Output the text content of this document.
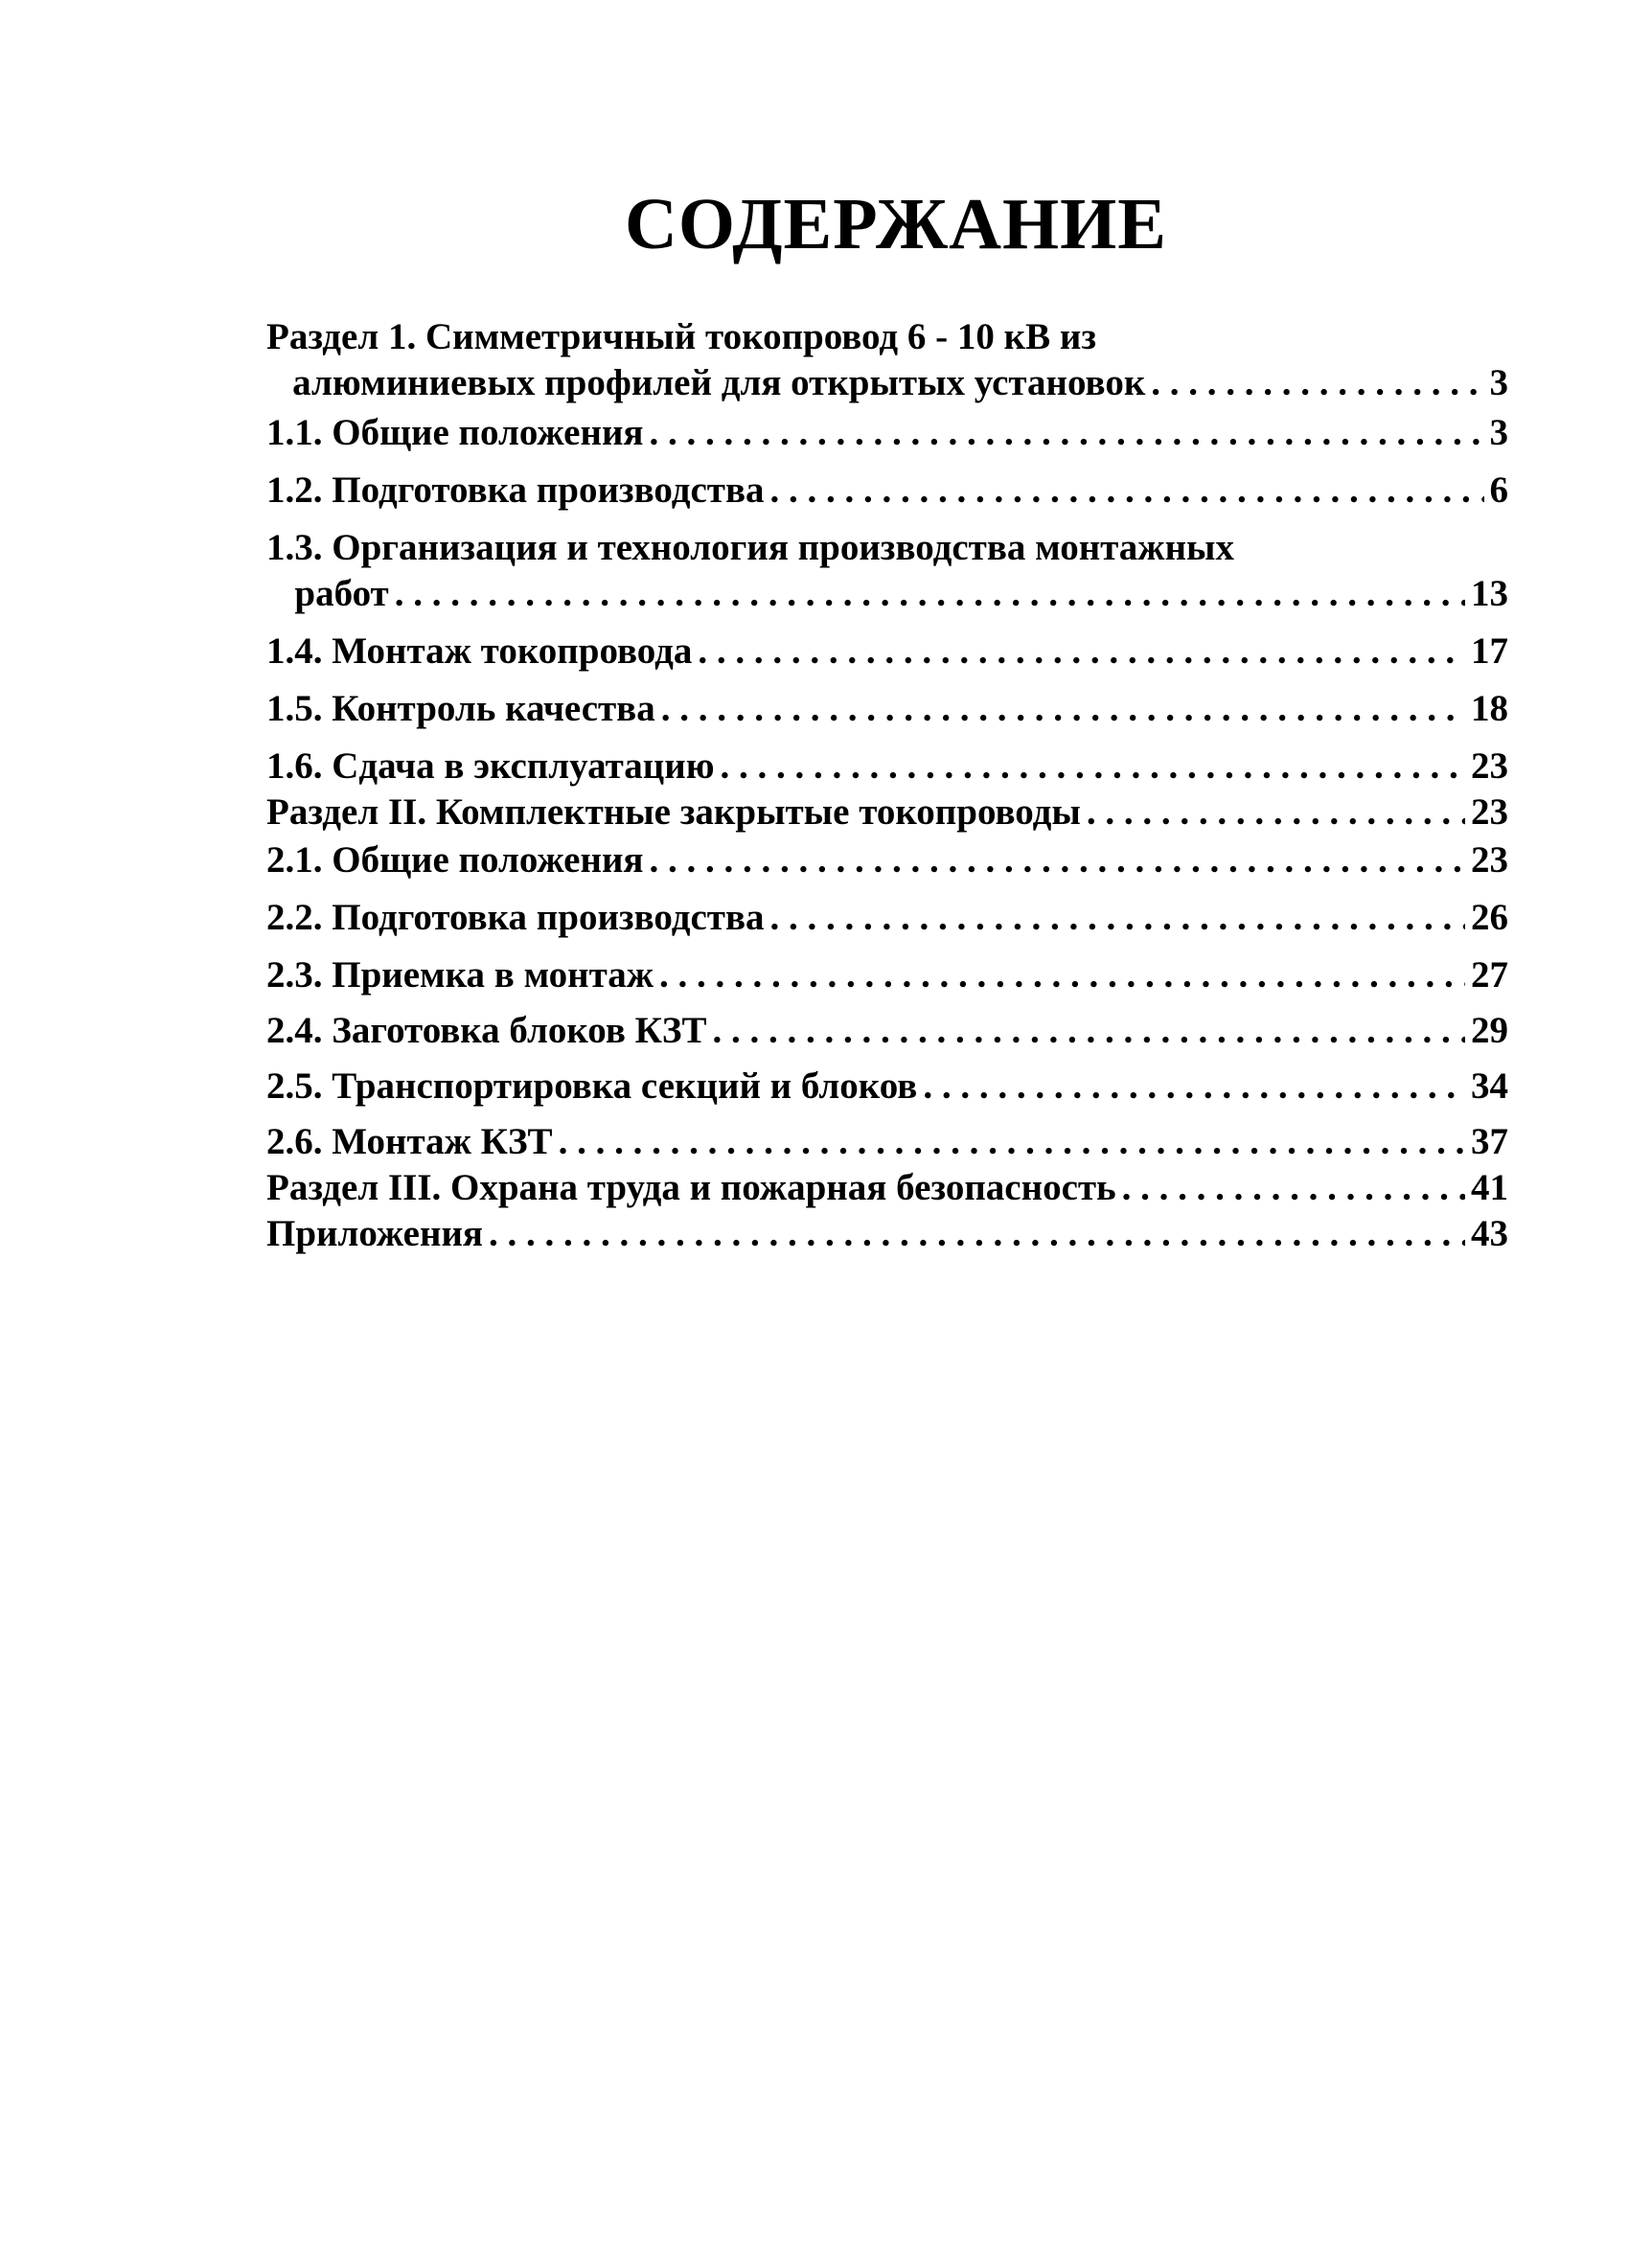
СОДЕРЖАНИЕ
Раздел 1. Симметричный токопровод 6 - 10 кВ из
алюминиевых профилей для открытых установок . . .	3
1.1. Общие положения . . .	3
1.2. Подготовка производства . . .	6
1.3. Организация и технология производства монтажных
работ . . .	13
1.4. Монтаж токопровода . . .	17
1.5. Контроль качества . . .	18
1.6. Сдача в эксплуатацию . . .	23
Раздел II. Комплектные закрытые токопроводы . . .	23
2.1. Общие положения . . .	23
2.2. Подготовка производства . . .	26
2.3. Приемка в монтаж . . .	27
2.4. Заготовка блоков КЗТ . . .	29
2.5. Транспортировка секций и блоков . . .	34
2.6. Монтаж КЗТ . . .	37
Раздел III. Охрана труда и пожарная безопасность . . .	41
Приложения . . .	43
